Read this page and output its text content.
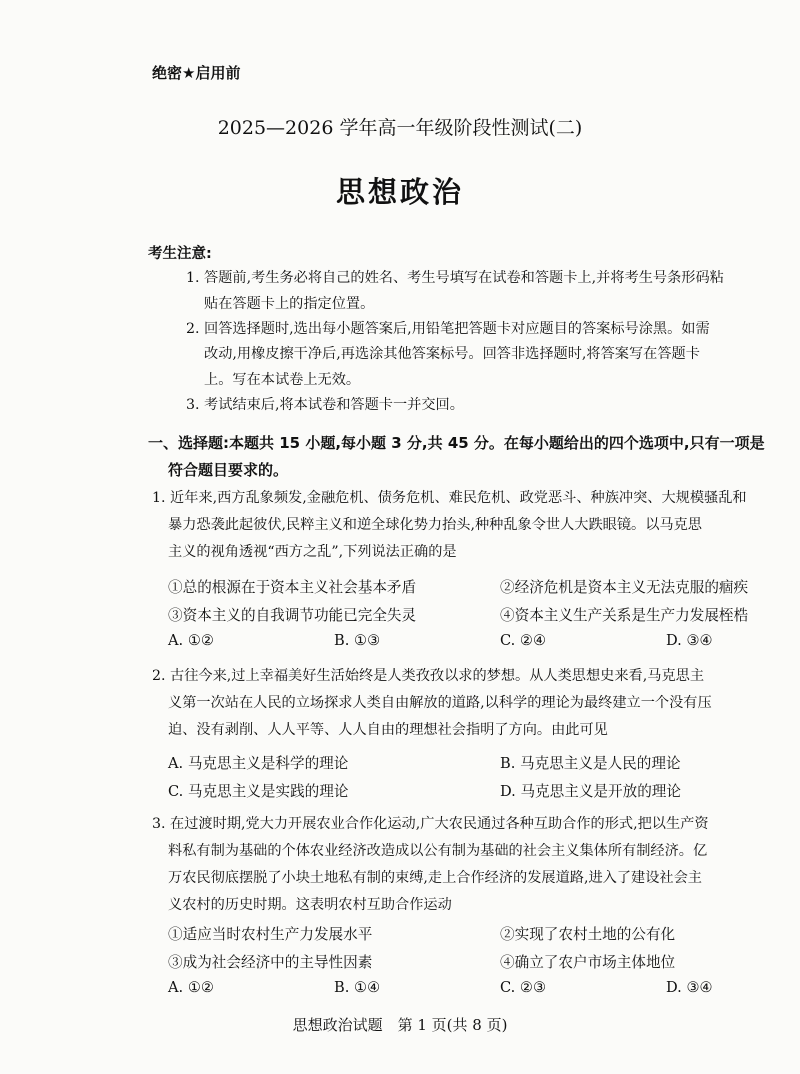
绝密★启用前
2025—2026 学年高一年级阶段性测试(二)
思想政治
考生注意:
1. 答题前,考生务必将自己的姓名、考生号填写在试卷和答题卡上,并将考生号条形码粘
贴在答题卡上的指定位置。
2. 回答选择题时,选出每小题答案后,用铅笔把答题卡对应题目的答案标号涂黑。如需
改动,用橡皮擦干净后,再选涂其他答案标号。回答非选择题时,将答案写在答题卡
上。写在本试卷上无效。
3. 考试结束后,将本试卷和答题卡一并交回。
一、选择题:本题共 15 小题,每小题 3 分,共 45 分。在每小题给出的四个选项中,只有一项是
符合题目要求的。
1. 近年来,西方乱象频发,金融危机、债务危机、难民危机、政党恶斗、种族冲突、大规模骚乱和
暴力恐袭此起彼伏,民粹主义和逆全球化势力抬头,种种乱象令世人大跌眼镜。以马克思
主义的视角透视“西方之乱”,下列说法正确的是
①总的根源在于资本主义社会基本矛盾	②经济危机是资本主义无法克服的痼疾
③资本主义的自我调节功能已完全失灵	④资本主义生产关系是生产力发展桎梏
A. ①②	B. ①③	C. ②④	D. ③④
2. 古往今来,过上幸福美好生活始终是人类孜孜以求的梦想。从人类思想史来看,马克思主
义第一次站在人民的立场探求人类自由解放的道路,以科学的理论为最终建立一个没有压
迫、没有剥削、人人平等、人人自由的理想社会指明了方向。由此可见
A. 马克思主义是科学的理论	B. 马克思主义是人民的理论
C. 马克思主义是实践的理论	D. 马克思主义是开放的理论
3. 在过渡时期,党大力开展农业合作化运动,广大农民通过各种互助合作的形式,把以生产资
料私有制为基础的个体农业经济改造成以公有制为基础的社会主义集体所有制经济。亿
万农民彻底摆脱了小块土地私有制的束缚,走上合作经济的发展道路,进入了建设社会主
义农村的历史时期。这表明农村互助合作运动
①适应当时农村生产力发展水平	②实现了农村土地的公有化
③成为社会经济中的主导性因素	④确立了农户市场主体地位
A. ①②	B. ①④	C. ②③	D. ③④
思想政治试题　第 1 页(共 8 页)
